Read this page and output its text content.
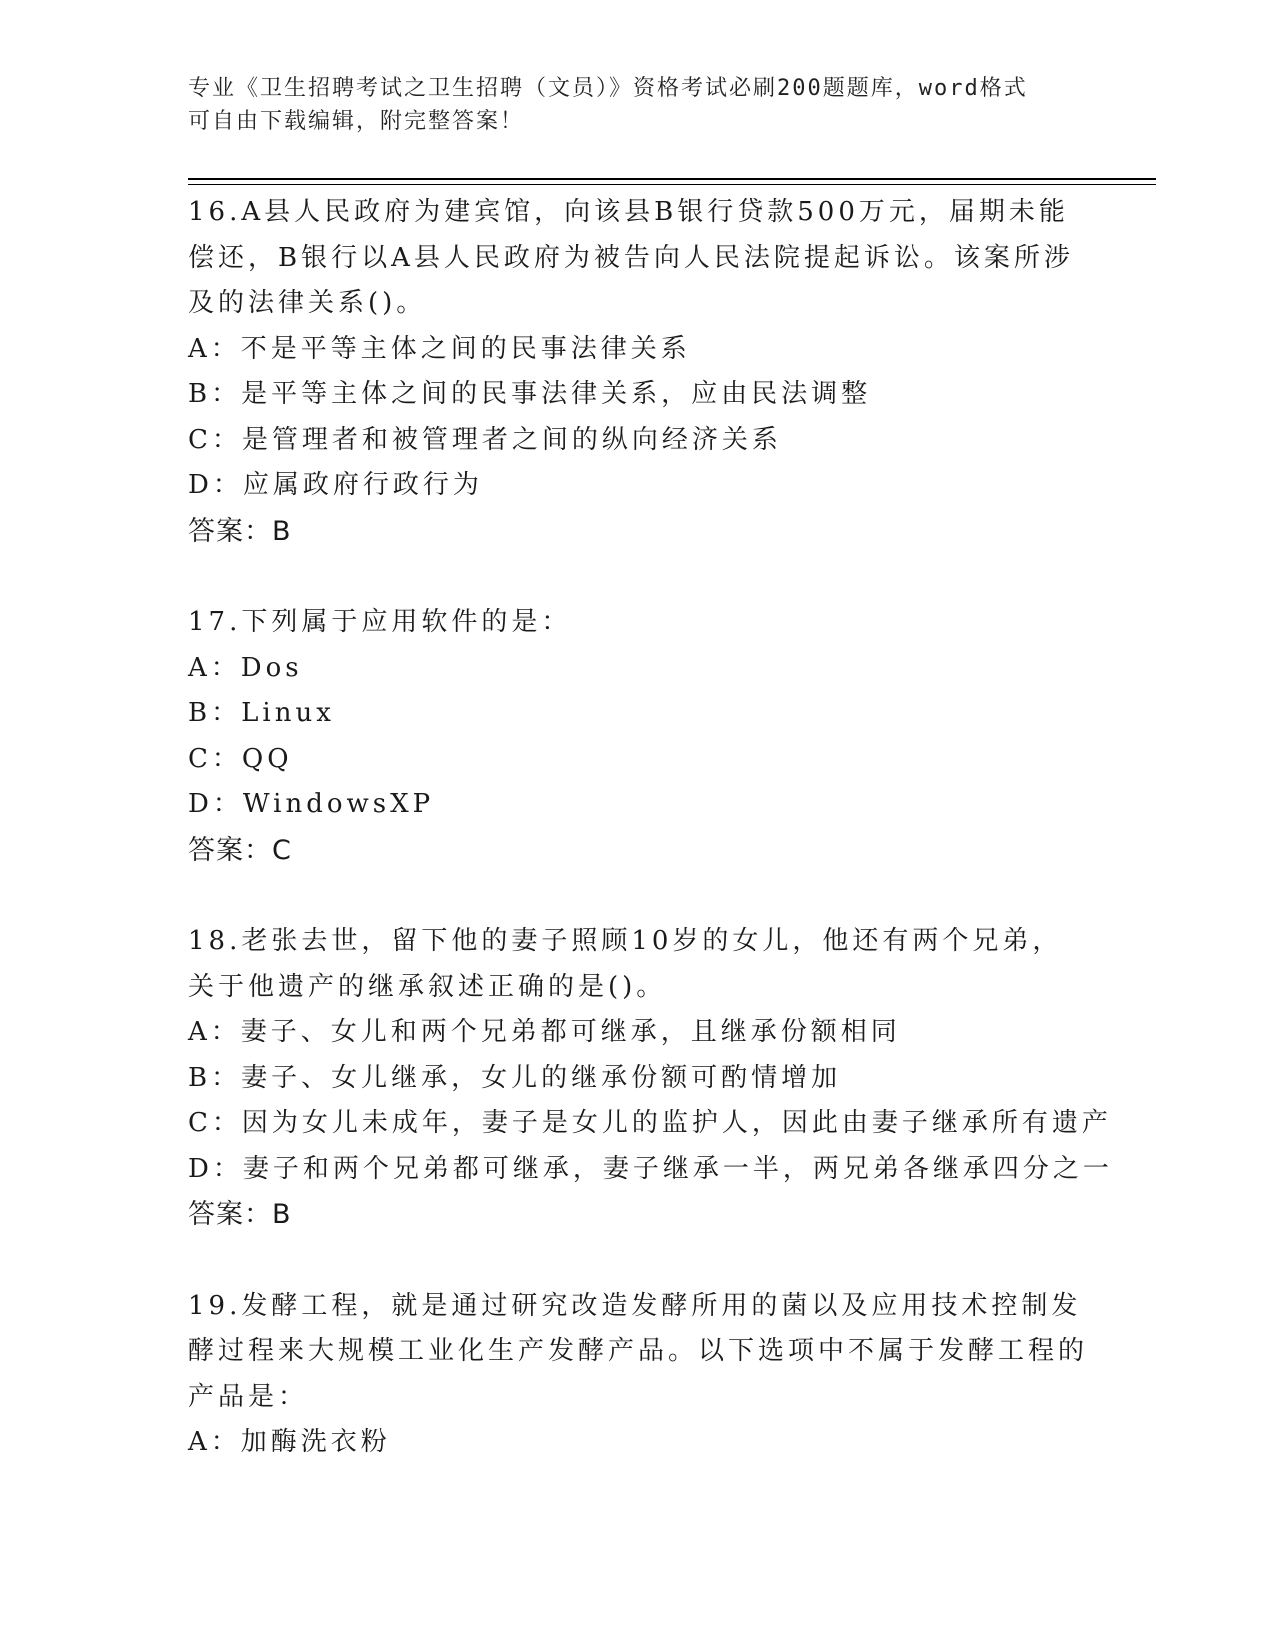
专业《卫生招聘考试之卫生招聘（文员）》资格考试必刷200题题库，word格式
可自由下载编辑，附完整答案！

16.A县人民政府为建宾馆，向该县B银行贷款500万元，届期未能偿还，B银行以A县人民政府为被告向人民法院提起诉讼。该案所涉及的法律关系()。

A ： 不是平等主体之间的民事法律关系

B ： 是平等主体之间的民事法律关系，应由民法调整

C ： 是管理者和被管理者之间的纵向经济关系

D ： 应属政府行政行为

答案：B

17.下列属于应用软件的是：

A ： Dos

B ： Linux

C ： QQ

D ： WindowsXP

答案：C

18.老张去世，留下他的妻子照顾10岁的女儿，他还有两个兄弟，关于他遗产的继承叙述正确的是()。

A ： 妻子、女儿和两个兄弟都可继承，且继承份额相同

B ： 妻子、女儿继承，女儿的继承份额可酌情增加

C ： 因为女儿未成年，妻子是女儿的监护人，因此由妻子继承所有遗产

D ： 妻子和两个兄弟都可继承，妻子继承一半，两兄弟各继承四分之一

答案：B

19.发酵工程，就是通过研究改造发酵所用的菌以及应用技术控制发酵过程来大规模工业化生产发酵产品。以下选项中不属于发酵工程的产品是：

A ： 加酶洗衣粉
